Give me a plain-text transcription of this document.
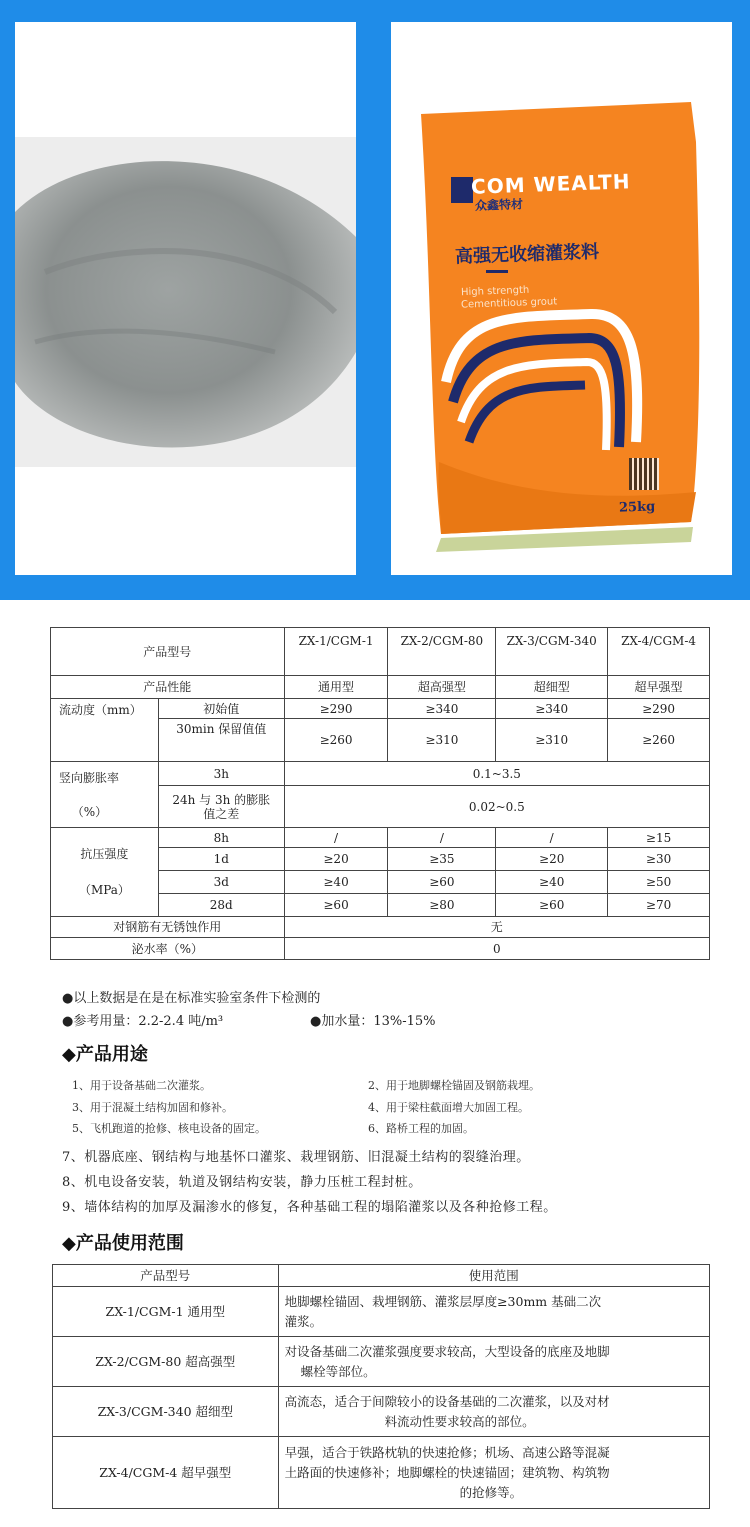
COM WEALTH
众鑫特材
高强无收缩灌浆料
High strength
Cementitious grout
25kg
产品型号		ZX-1/CGM-1	ZX-2/CGM-80	ZX-3/CGM-340	ZX-4/CGM-4
产品性能		通用型	超高强型	超细型	超早强型
流动度（mm）	初始值	≥290	≥340	≥340	≥290
	30min 保留值值	≥260	≥310	≥310	≥260

竖向膨胀率
（%）	3h	0.1~3.5			

	24h 与 3h 的膨胀
值之差	0.02~0.5			

抗压强度
（MPa）	8h	/	/	/	≥15
	1d	≥20	≥35	≥20	≥30
	3d	≥40	≥60	≥40	≥50
	28d	≥60	≥80	≥60	≥70
对钢筋有无锈蚀作用		无			
泌水率（%）		0			
●以上数据是在是在标准实验室条件下检测的
●参考用量：2.2-2.4 吨/m³	●加水量：13%-15%
◆产品用途
1、用于设备基础二次灌浆。	2、用于地脚螺栓锚固及钢筋栽埋。
3、用于混凝土结构加固和修补。	4、用于梁柱截面增大加固工程。
5、飞机跑道的抢修、核电设备的固定。	6、路桥工程的加固。
7、机器底座、钢结构与地基怀口灌浆、栽埋钢筋、旧混凝土结构的裂缝治理。
8、机电设备安装，轨道及钢结构安装，静力压桩工程封桩。
9、墙体结构的加厚及漏渗水的修复，各种基础工程的塌陷灌浆以及各种抢修工程。
◆产品使用范围
产品型号	使用范围
ZX-1/CGM-1 通用型	地脚螺栓锚固、栽埋钢筋、灌浆层厚度≥30mm 基础二次
灌浆。

ZX-2/CGM-80 超高强型	对设备基础二次灌浆强度要求较高，大型设备的底座及地脚
螺栓等部位。

ZX-3/CGM-340 超细型	高流态，适合于间隙较小的设备基础的二次灌浆，以及对材
料流动性要求较高的部位。

ZX-4/CGM-4 超早强型	早强，适合于铁路枕轨的快速抢修；机场、高速公路等混凝
土路面的快速修补；地脚螺栓的快速锚固；建筑物、构筑物
的抢修等。
